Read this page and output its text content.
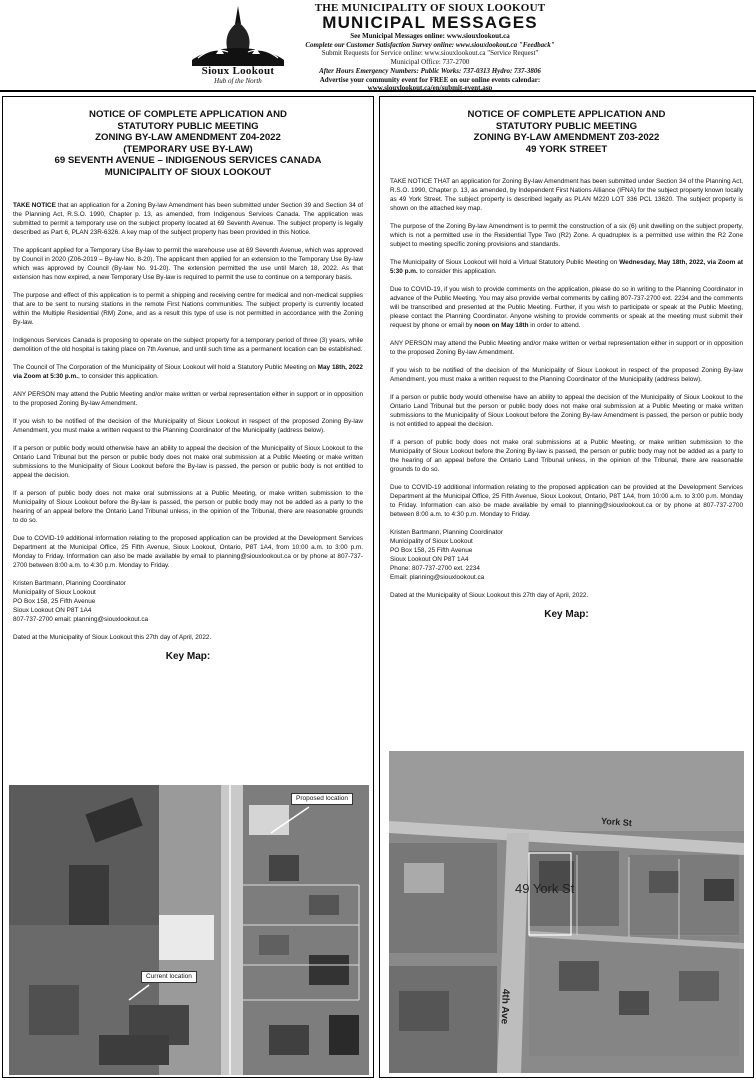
Sioux Lookout
Hub of the North
THE MUNICIPALITY OF SIOUX LOOKOUT
MUNICIPAL MESSAGES
See Municipal Messages online: www.siouxlookout.ca
Complete our Customer Satisfaction Survey online: www.siouxlookout.ca "Feedback"
Submit Requests for Service online: www.siouxlookout.ca "Service Request"
Municipal Office: 737-2700
After Hours Emergency Numbers: Public Works: 737-0313 Hydro: 737-3806
Advertise your community event for FREE on our online events calendar:
www.siouxlookout.ca/en/submit-event.asp
NOTICE OF COMPLETE APPLICATION AND
STATUTORY PUBLIC MEETING
ZONING BY-LAW AMENDMENT Z04-2022
(TEMPORARY USE BY-LAW)
69 SEVENTH AVENUE – INDIGENOUS SERVICES CANADA
MUNICIPALITY OF SIOUX LOOKOUT

TAKE NOTICE that an application for a Zoning By-law Amendment has been submitted under Section 39 and Section 34 of the Planning Act, R.S.O. 1990, Chapter p. 13, as amended, from Indigenous Services Canada. The application was submitted to permit a temporary use on the subject property located at 69 Seventh Avenue. The subject property is legally described as Part 6, PLAN 23R-6326. A key map of the subject property has been provided in this Notice.

The applicant applied for a Temporary Use By-law to permit the warehouse use at 69 Seventh Avenue, which was approved by Council in 2020 (Z06-2019 – By-law No. 8-20). The applicant then applied for an extension to the Temporary Use By-law which was approved by Council (By-law No. 91-20). The extension permitted the use until March 18, 2022. As that extension has now expired, a new Temporary Use By-law is required to permit the use to continue on a temporary basis.

The purpose and effect of this application is to permit a shipping and receiving centre for medical and non-medical supplies that are to be sent to nursing stations in the remote First Nations communities. The subject property is currently located within the Multiple Residential (RM) Zone, and as a result this type of use is not permitted in accordance with the Zoning By-law.

Indigenous Services Canada is proposing to operate on the subject property for a temporary period of three (3) years, while demolition of the old hospital is taking place on 7th Avenue, and until such time as a permanent location can be established.

The Council of The Corporation of the Municipality of Sioux Lookout will hold a Statutory Public Meeting on May 18th, 2022 via Zoom at 5:30 p.m., to consider this application.

ANY PERSON may attend the Public Meeting and/or make written or verbal representation either in support or in opposition to the proposed Zoning By-law Amendment.

If you wish to be notified of the decision of the Municipality of Sioux Lookout in respect of the proposed Zoning By-law Amendment, you must make a written request to the Planning Coordinator of the Municipality (address below).

If a person or public body would otherwise have an ability to appeal the decision of the Municipality of Sioux Lookout to the Ontario Land Tribunal but the person or public body does not make oral submission at a Public Meeting or make written submissions to the Municipality of Sioux Lookout before the By-law is passed, the person or public body is not entitled to appeal the decision.

If a person of public body does not make oral submissions at a Public Meeting, or make written submission to the Municipality of Sioux Lookout before the By-law is passed, the person or public body may not be added as a party to the hearing of an appeal before the Ontario Land Tribunal unless, in the opinion of the Tribunal, there are reasonable grounds to do so.

Due to COVID-19 additional information relating to the proposed application can be provided at the Development Services Department at the Municipal Office, 25 Fifth Avenue, Sioux Lookout, Ontario, P8T 1A4, from 10:00 a.m. to 3:00 p.m. Monday to Friday. Information can also be made available by email to planning@siouxlookout.ca or by phone at 807-737-2700 between 8:00 a.m. to 4:30 p.m. Monday to Friday.

Kristen Bartmann, Planning Coordinator
Municipality of Sioux Lookout
PO Box 158, 25 Fifth Avenue
Sioux Lookout ON P8T 1A4
807-737-2700 email: planning@siouxlookout.ca

Dated at the Municipality of Sioux Lookout this 27th day of April, 2022.

Key Map:
Proposed location
Current location
NOTICE OF COMPLETE APPLICATION AND
STATUTORY PUBLIC MEETING
ZONING BY-LAW AMENDMENT Z03-2022
49 YORK STREET

TAKE NOTICE THAT an application for Zoning By-law Amendment has been submitted under Section 34 of the Planning Act, R.S.O. 1990, Chapter p. 13, as amended, by Independent First Nations Alliance (IFNA) for the subject property known locally as 49 York Street. The subject property is described legally as PLAN M220 LOT 336 PCL 13620. The subject property is shown on the attached key map.

The purpose of the Zoning By-law Amendment is to permit the construction of a six (6) unit dwelling on the subject property, which is not a permitted use in the Residential Type Two (R2) Zone. A quadruplex is a permitted use within the R2 Zone subject to meeting specific zoning provisions and standards.

The Municipality of Sioux Lookout will hold a Virtual Statutory Public Meeting on Wednesday, May 18th, 2022, via Zoom at 5:30 p.m. to consider this application.

Due to COVID-19, if you wish to provide comments on the application, please do so in writing to the Planning Coordinator in advance of the Public Meeting. You may also provide verbal comments by calling 807-737-2700 ext. 2234 and the comments will be transcribed and presented at the Public Meeting. Further, if you wish to participate or speak at the Public Meeting, please contact the Planning Coordinator. Anyone wishing to provide comments or speak at the meeting must submit their request by phone or email by noon on May 18th in order to attend.

ANY PERSON may attend the Public Meeting and/or make written or verbal representation either in support or in opposition to the proposed Zoning By-law Amendment.

If you wish to be notified of the decision of the Municipality of Sioux Lookout in respect of the proposed Zoning By-law Amendment, you must make a written request to the Planning Coordinator of the Municipality (address below).

If a person or public body would otherwise have an ability to appeal the decision of the Municipality of Sioux Lookout to the Ontario Land Tribunal but the person or public body does not make oral submission at a Public Meeting or make written submissions to the Municipality of Sioux Lookout before the Zoning By-law Amendment is passed, the person or public body is not entitled to appeal the decision.

If a person of public body does not make oral submissions at a Public Meeting, or make written submission to the Municipality of Sioux Lookout before the Zoning By-law is passed, the person or public body may not be added as a party to the hearing of an appeal before the Ontario Land Tribunal unless, in the opinion of the Tribunal, there are reasonable grounds to do so.

Due to COVID-19 additional information relating to the proposed application can be provided at the Development Services Department at the Municipal Office, 25 Fifth Avenue, Sioux Lookout, Ontario, P8T 1A4, from 10:00 a.m. to 3:00 p.m. Monday to Friday. Information can also be made available by email to planning@siouxlookout.ca or by phone at 807-737-2700 between 8:00 a.m. to 4:30 p.m. Monday to Friday.

Kristen Bartmann, Planning Coordinator
Municipality of Sioux Lookout
PO Box 158, 25 Fifth Avenue
Sioux Lookout ON P8T 1A4
Phone: 807-737-2700 ext. 2234
Email: planning@siouxlookout.ca

Dated at the Municipality of Sioux Lookout this 27th day of April, 2022.

Key Map:
York St
49 York St
4th Ave
